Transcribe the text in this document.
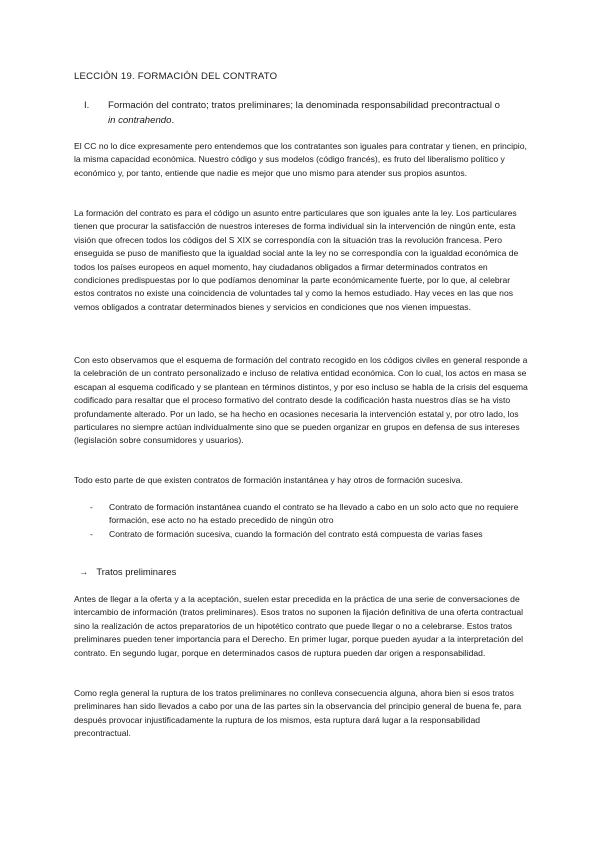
LECCIÓN 19. FORMACIÓN DEL CONTRATO
I. Formación del contrato; tratos preliminares; la denominada responsabilidad precontractual o in contrahendo.

El CC no lo dice expresamente pero entendemos que los contratantes son iguales para contratar y tienen, en principio, la misma capacidad económica. Nuestro código y sus modelos (código francés), es fruto del liberalismo político y económico y, por tanto, entiende que nadie es mejor que uno mismo para atender sus propios asuntos.

La formación del contrato es para el código un asunto entre particulares que son iguales ante la ley. Los particulares tienen que procurar la satisfacción de nuestros intereses de forma individual sin la intervención de ningún ente, esta visión que ofrecen todos los códigos del S XIX se correspondía con la situación tras la revolución francesa. Pero enseguida se puso de manifiesto que la igualdad social ante la ley no se correspondía con la igualdad económica de todos los países europeos en aquel momento, hay ciudadanos obligados a firmar determinados contratos en condiciones predispuestas por lo que podíamos denominar la parte económicamente fuerte, por lo que, al celebrar estos contratos no existe una coincidencia de voluntades tal y como la hemos estudiado. Hay veces en las que nos vemos obligados a contratar determinados bienes y servicios en condiciones que nos vienen impuestas.

Con esto observamos que el esquema de formación del contrato recogido en los códigos civiles en general responde a la celebración de un contrato personalizado e incluso de relativa entidad económica. Con lo cual, los actos en masa se escapan al esquema codificado y se plantean en términos distintos, y por eso incluso se habla de la crisis del esquema codificado para resaltar que el proceso formativo del contrato desde la codificación hasta nuestros días se ha visto profundamente alterado. Por un lado, se ha hecho en ocasiones necesaria la intervención estatal y, por otro lado, los particulares no siempre actúan individualmente sino que se pueden organizar en grupos en defensa de sus intereses (legislación sobre consumidores y usuarios).

Todo esto parte de que existen contratos de formación instantánea y hay otros de formación sucesiva.

- Contrato de formación instantánea cuando el contrato se ha llevado a cabo en un solo acto que no requiere formación, ese acto no ha estado precedido de ningún otro
- Contrato de formación sucesiva, cuando la formación del contrato está compuesta de varias fases
→ Tratos preliminares

Antes de llegar a la oferta y a la aceptación, suelen estar precedida en la práctica de una serie de conversaciones de intercambio de información (tratos preliminares). Esos tratos no suponen la fijación definitiva de una oferta contractual sino la realización de actos preparatorios de un hipotético contrato que puede llegar o no a celebrarse. Estos tratos preliminares pueden tener importancia para el Derecho. En primer lugar, porque pueden ayudar a la interpretación del contrato. En segundo lugar, porque en determinados casos de ruptura pueden dar origen a responsabilidad.

Como regla general la ruptura de los tratos preliminares no conlleva consecuencia alguna, ahora bien si esos tratos preliminares han sido llevados a cabo por una de las partes sin la observancia del principio general de buena fe, para después provocar injustificadamente la ruptura de los mismos, esta ruptura dará lugar a la responsabilidad precontractual.
